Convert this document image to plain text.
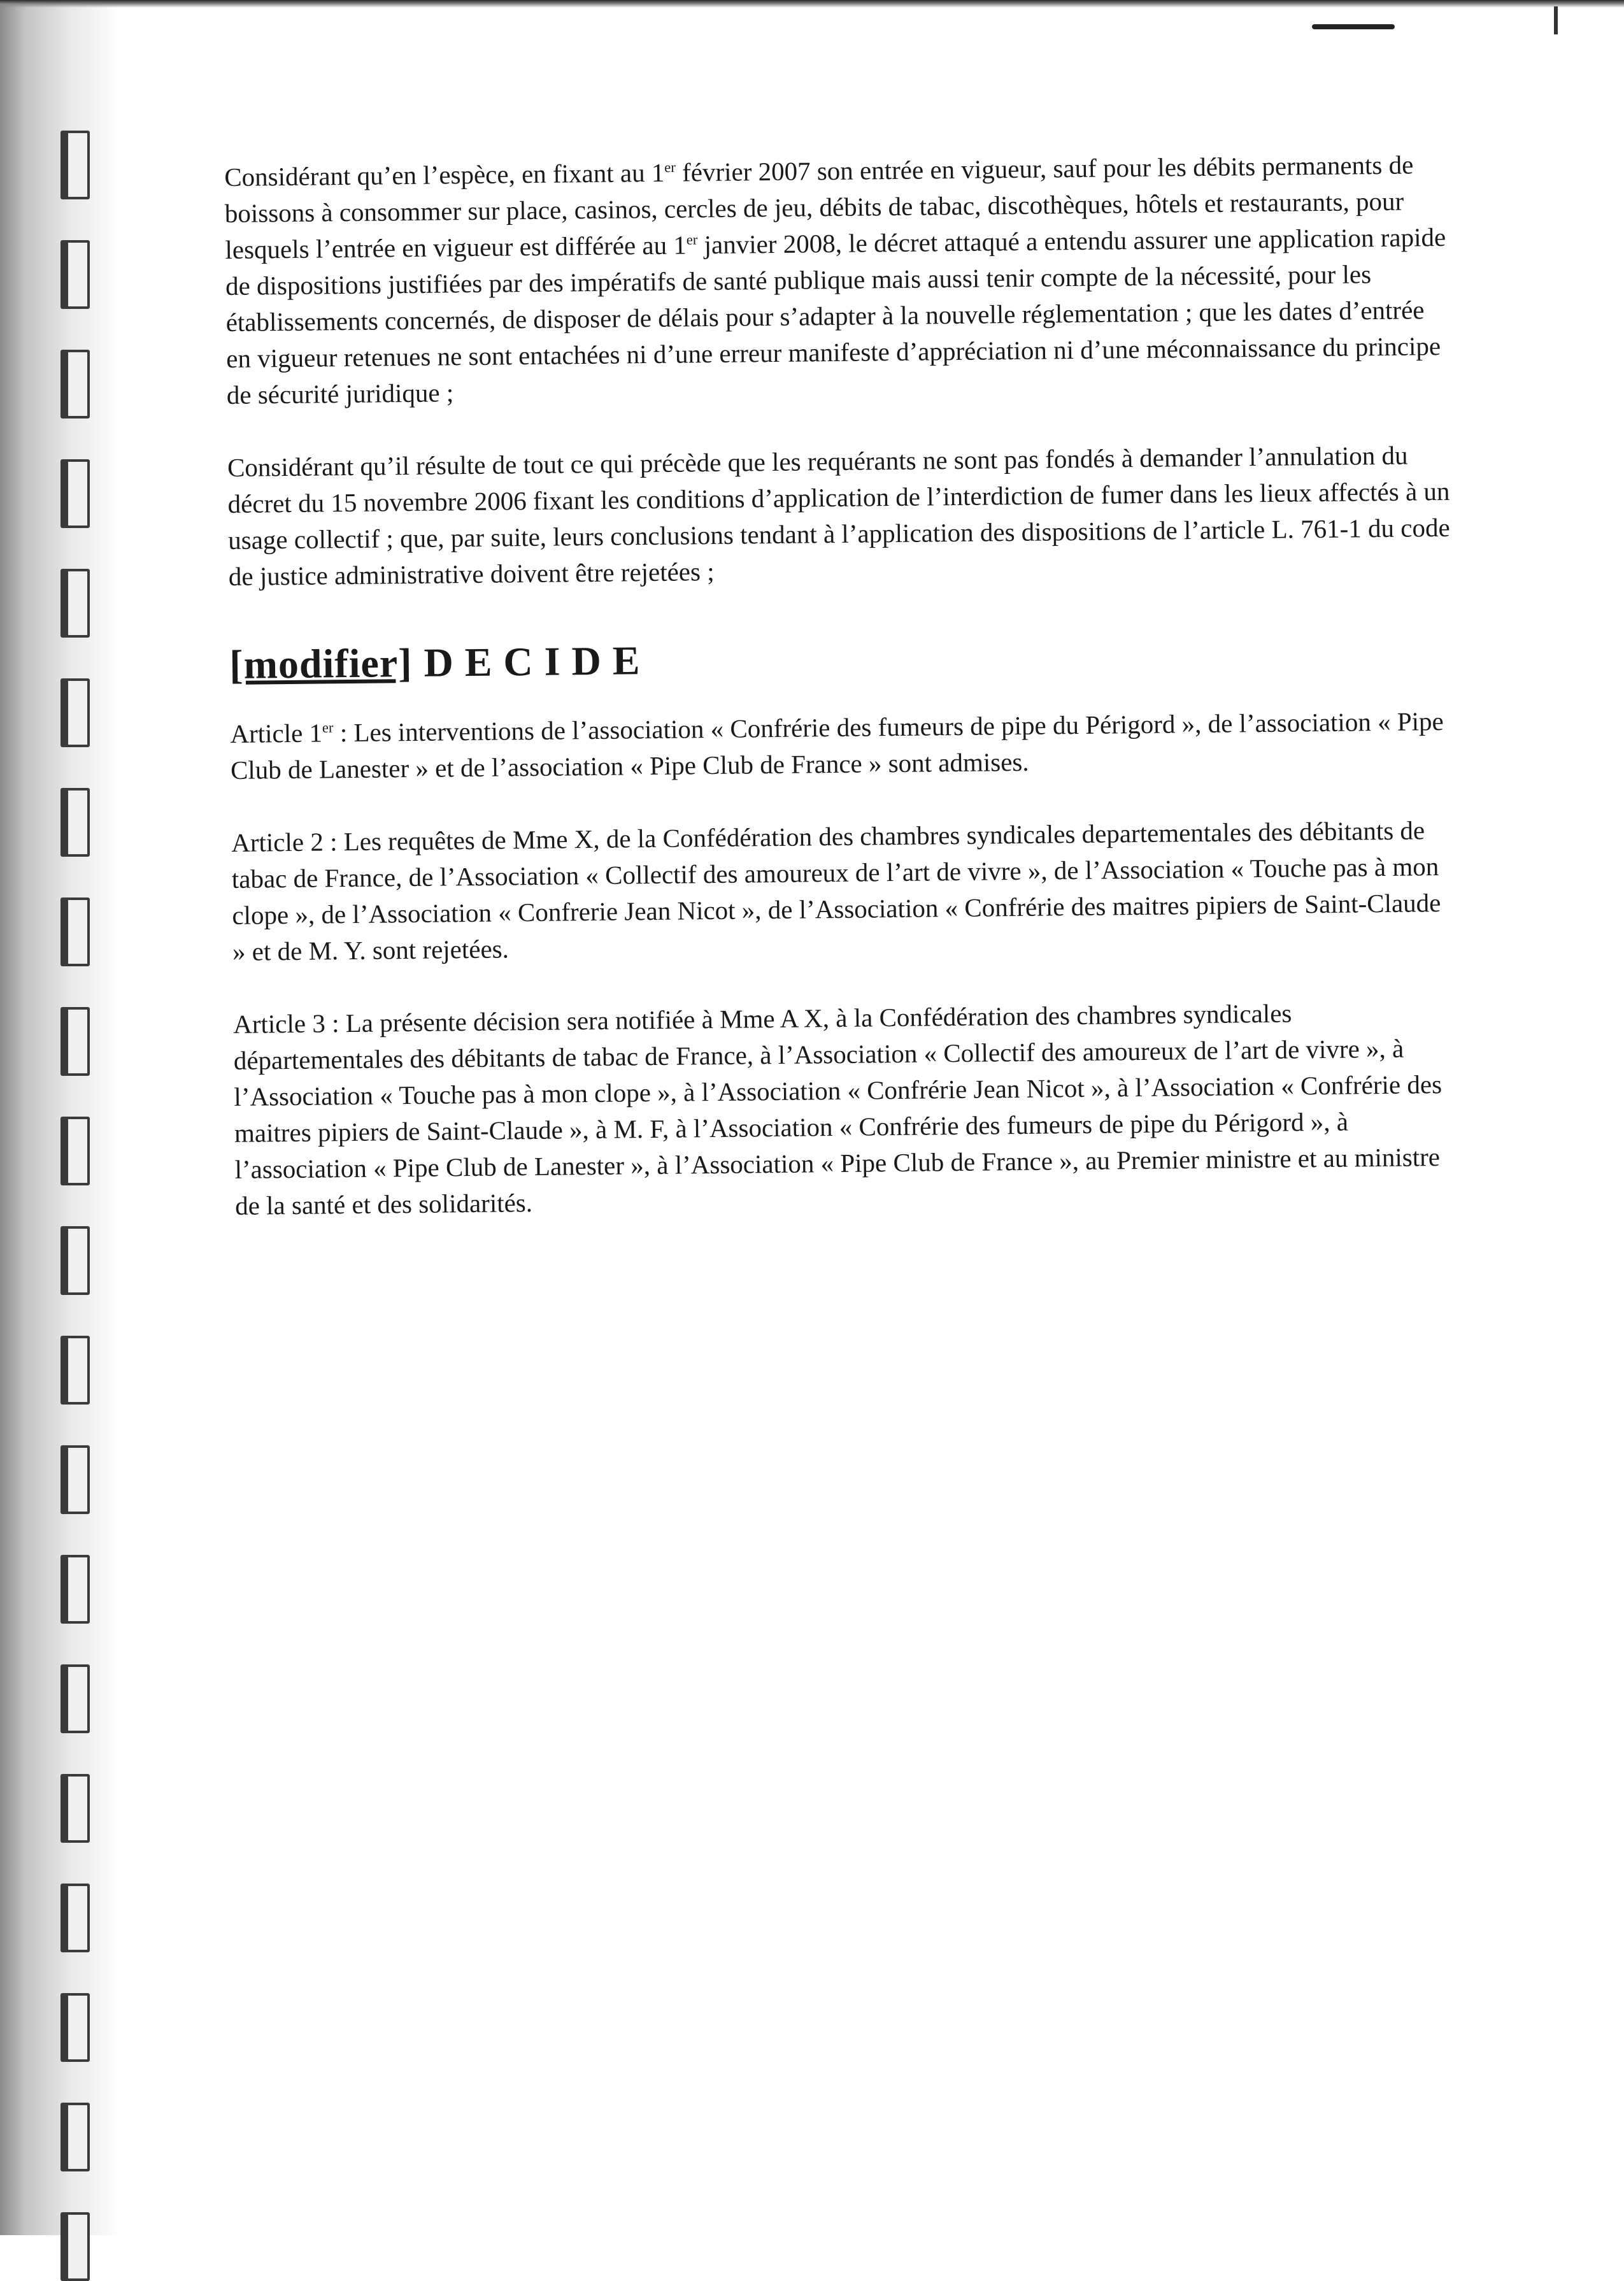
Considérant qu’en l’espèce, en fixant au 1er février 2007 son entrée en vigueur, sauf pour les débits permanents de boissons à consommer sur place, casinos, cercles de jeu, débits de tabac, discothèques, hôtels et restaurants, pour lesquels l’entrée en vigueur est différée au 1er janvier 2008, le décret attaqué a entendu assurer une application rapide de dispositions justifiées par des impératifs de santé publique mais aussi tenir compte de la nécessité, pour les établissements concernés, de disposer de délais pour s’adapter à la nouvelle réglementation ; que les dates d’entrée en vigueur retenues ne sont entachées ni d’une erreur manifeste d’appréciation ni d’une méconnaissance du principe de sécurité juridique ;

Considérant qu’il résulte de tout ce qui précède que les requérants ne sont pas fondés à demander l’annulation du décret du 15 novembre 2006 fixant les conditions d’application de l’interdiction de fumer dans les lieux affectés à un usage collectif ; que, par suite, leurs conclusions tendant à l’application des dispositions de l’article L. 761-1 du code de justice administrative doivent être rejetées ;

[modifier] DECIDE

Article 1er : Les interventions de l’association « Confrérie des fumeurs de pipe du Périgord », de l’association « Pipe Club de Lanester » et de l’association « Pipe Club de France » sont admises.

Article 2 : Les requêtes de Mme X, de la Confédération des chambres syndicales departementales des débitants de tabac de France, de l’Association « Collectif des amoureux de l’art de vivre », de l’Association « Touche pas à mon clope », de l’Association « Confrerie Jean Nicot », de l’Association « Confrérie des maitres pipiers de Saint-Claude » et de M. Y. sont rejetées.

Article 3 : La présente décision sera notifiée à Mme A X, à la Confédération des chambres syndicales départementales des débitants de tabac de France, à l’Association « Collectif des amoureux de l’art de vivre », à l’Association « Touche pas à mon clope », à l’Association « Confrérie Jean Nicot », à l’Association « Confrérie des maitres pipiers de Saint-Claude », à M. F, à l’Association « Confrérie des fumeurs de pipe du Périgord », à l’association « Pipe Club de Lanester », à l’Association « Pipe Club de France », au Premier ministre et au ministre de la santé et des solidarités.
